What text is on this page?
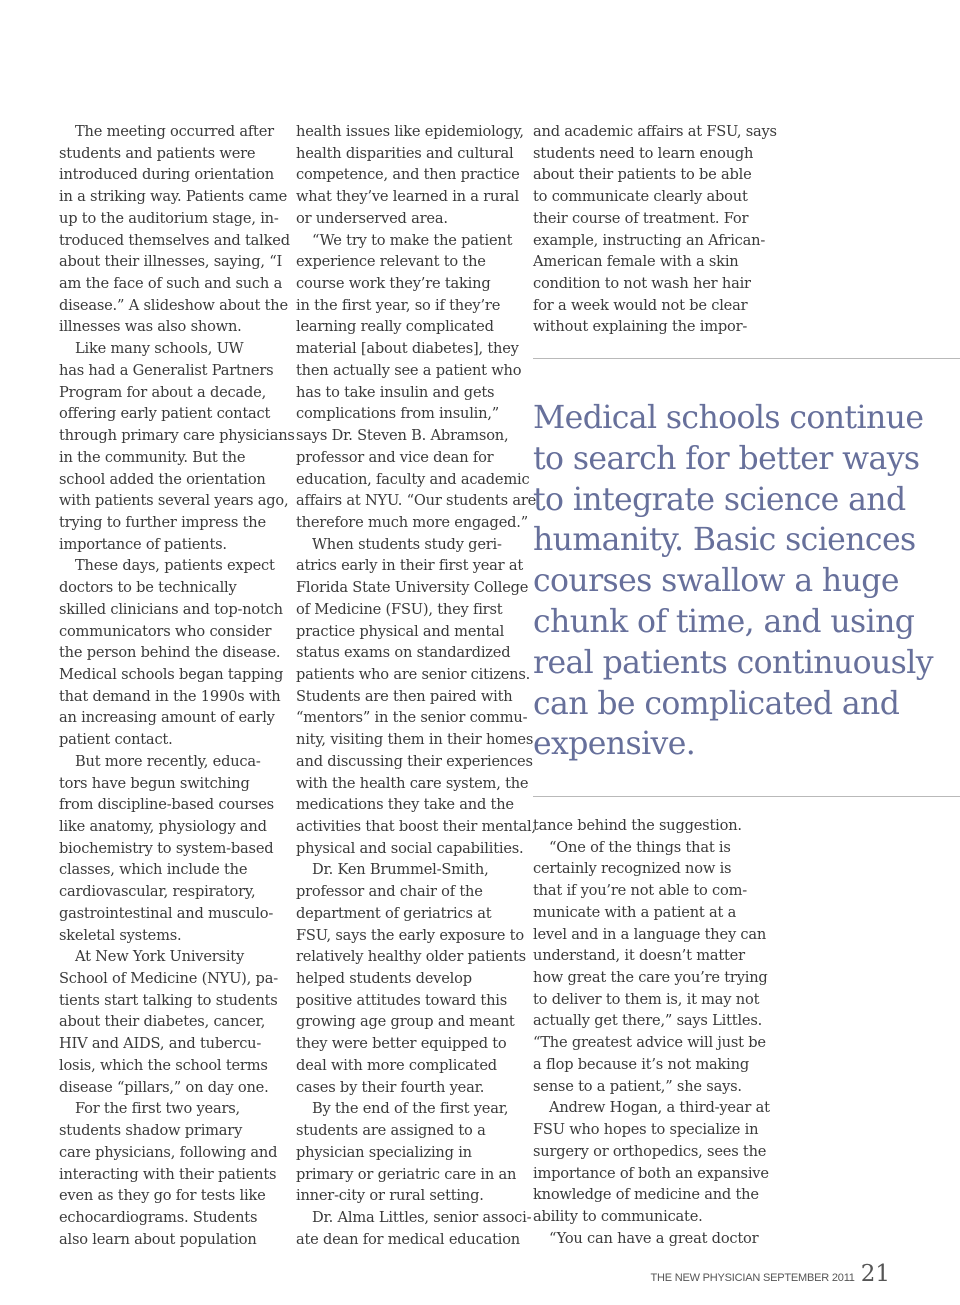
The meeting occurred after
students and patients were
introduced during orientation
in a striking way. Patients came
up to the auditorium stage, in-
troduced themselves and talked
about their illnesses, saying, “I
am the face of such and such a
disease.” A slideshow about the
illnesses was also shown.
Like many schools, UW
has had a Generalist Partners
Program for about a decade,
offering early patient contact
through primary care physicians
in the community. But the
school added the orientation
with patients several years ago,
trying to further impress the
importance of patients.
These days, patients expect
doctors to be technically
skilled clinicians and top-notch
communicators who consider
the person behind the disease.
Medical schools began tapping
that demand in the 1990s with
an increasing amount of early
patient contact.
But more recently, educa-
tors have begun switching
from discipline-based courses
like anatomy, physiology and
biochemistry to system-based
classes, which include the
cardiovascular, respiratory,
gastrointestinal and musculo-
skeletal systems.
At New York University
School of Medicine (NYU), pa-
tients start talking to students
about their diabetes, cancer,
HIV and AIDS, and tubercu-
losis, which the school terms
disease “pillars,” on day one.
For the first two years,
students shadow primary
care physicians, following and
interacting with their patients
even as they go for tests like
echocardiograms. Students
also learn about population
health issues like epidemiology,
health disparities and cultural
competence, and then practice
what they’ve learned in a rural
or underserved area.
“We try to make the patient
experience relevant to the
course work they’re taking
in the first year, so if they’re
learning really complicated
material [about diabetes], they
then actually see a patient who
has to take insulin and gets
complications from insulin,”
says Dr. Steven B. Abramson,
professor and vice dean for
education, faculty and academic
affairs at NYU. “Our students are
therefore much more engaged.”
When students study geri-
atrics early in their first year at
Florida State University College
of Medicine (FSU), they first
practice physical and mental
status exams on standardized
patients who are senior citizens.
Students are then paired with
“mentors” in the senior commu-
nity, visiting them in their homes
and discussing their experiences
with the health care system, the
medications they take and the
activities that boost their mental,
physical and social capabilities.
Dr. Ken Brummel-Smith,
professor and chair of the
department of geriatrics at
FSU, says the early exposure to
relatively healthy older patients
helped students develop
positive attitudes toward this
growing age group and meant
they were better equipped to
deal with more complicated
cases by their fourth year.
By the end of the first year,
students are assigned to a
physician specializing in
primary or geriatric care in an
inner-city or rural setting.
Dr. Alma Littles, senior associ-
ate dean for medical education
and academic affairs at FSU, says
students need to learn enough
about their patients to be able
to communicate clearly about
their course of treatment. For
example, instructing an African-
American female with a skin
condition to not wash her hair
for a week would not be clear
without explaining the impor-
Medical schools continue
to search for better ways
to integrate science and
humanity. Basic sciences
courses swallow a huge
chunk of time, and using
real patients continuously
can be complicated and
expensive.
tance behind the suggestion.
“One of the things that is
certainly recognized now is
that if you’re not able to com-
municate with a patient at a
level and in a language they can
understand, it doesn’t matter
how great the care you’re trying
to deliver to them is, it may not
actually get there,” says Littles.
“The greatest advice will just be
a flop because it’s not making
sense to a patient,” she says.
Andrew Hogan, a third-year at
FSU who hopes to specialize in
surgery or orthopedics, sees the
importance of both an expansive
knowledge of medicine and the
ability to communicate.
“You can have a great doctor
THE NEW PHYSICIAN SEPTEMBER 2011 21
